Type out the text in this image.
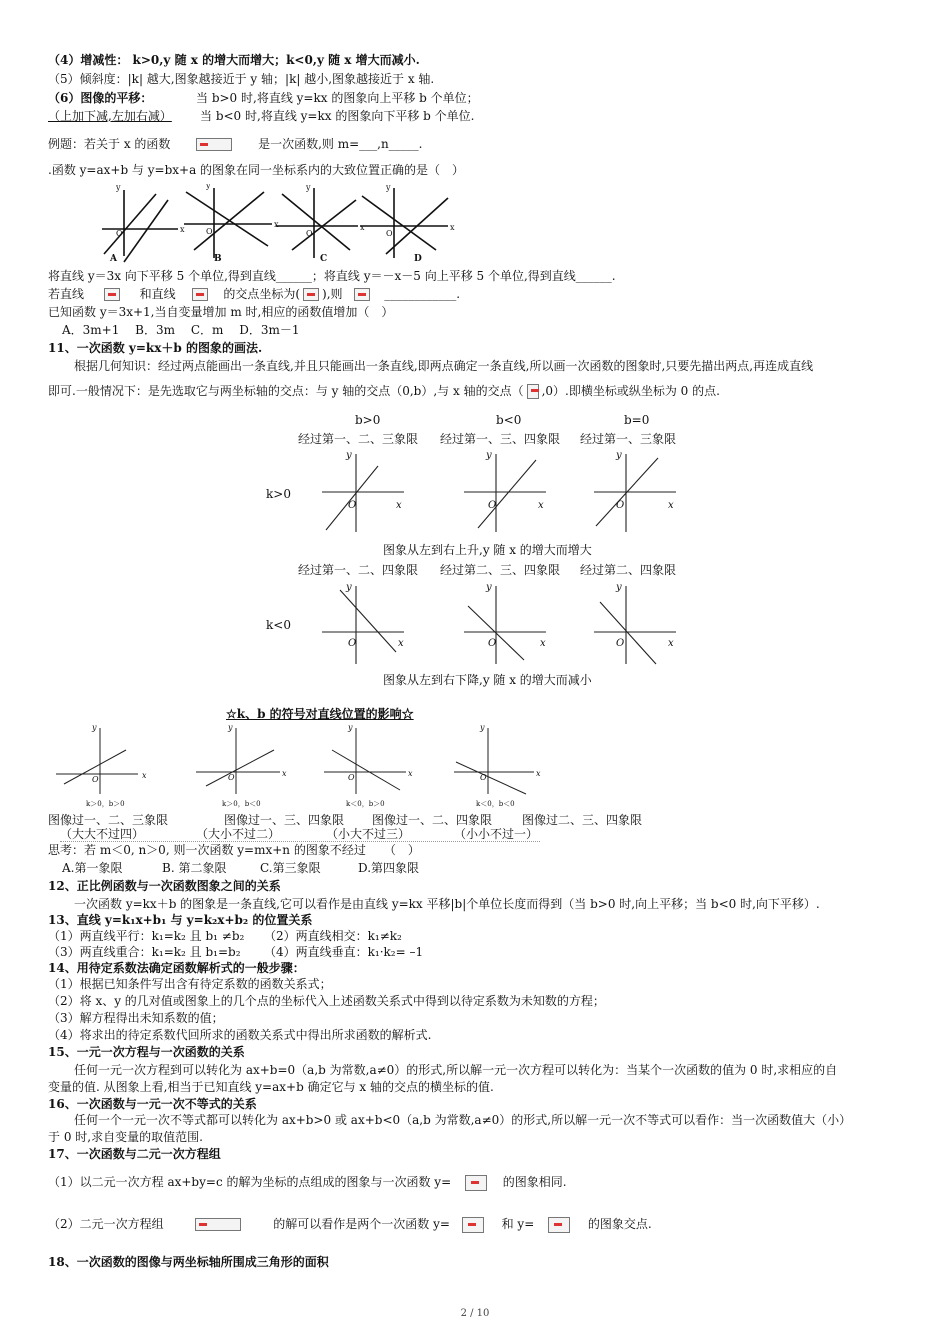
（4）增减性： k>0,y 随 x 的增大而增大；k<0,y 随 x 增大而减小.
（5）倾斜度：|k| 越大,图象越接近于 y 轴；|k| 越小,图象越接近于 x 轴.
（6）图像的平移：	当 b>0 时,将直线 y=kx 的图象向上平移 b 个单位；
（上加下减,左加右减） 当 b<0 时,将直线 y=kx 的图象向下平移 b 个单位.
例题：若关于 x 的函数	是一次函数,则 m=___,n_____.
.函数 y=ax+b 与 y=bx+a 的图象在同一坐标系内的大致位置正确的是（　）
y
x
O
y
x
O
y
x
O
y
x
O
A	B	C	D
将直线 y＝3x 向下平移 5 个单位,得到直线______；将直线 y＝－x－5 向上平移 5 个单位,得到直线______.
若直线	和直线	的交点坐标为( ),则	____________.
已知函数 y＝3x+1,当自变量增加 m 时,相应的函数值增加（　）
A．3m+1　 B．3m　 C．m　 D．3m－1
11、一次函数 y=kx＋b 的图象的画法.
根据几何知识：经过两点能画出一条直线,并且只能画出一条直线,即两点确定一条直线,所以画一次函数的图象时,只要先描出两点,再连成直线
即可.一般情况下：是先选取它与两坐标轴的交点：与 y 轴的交点（0,b）,与 x 轴的交点（ ,0）.即横坐标或纵坐标为 0 的点.
b>0	b<0	b=0
经过第一、二、三象限 经过第一、三、四象限 经过第一、三象限
k>0
y
x
O
y
x
O
y
x
O
图象从左到右上升,y 随 x 的增大而增大
经过第一、二、四象限 经过第二、三、四象限 经过第二、四象限
k<0
y
x
O
y
x
O
y
x
O
图象从左到右下降,y 随 x 的增大而减小
☆k、b 的符号对直线位置的影响☆
y
x
O
y
x
O
y
x
O
y
x
O
k＞0，b＞0	k＞0，b＜0	k＜0，b＞0	k＜0，b＜0
图像过一、二、三象限	图像过一、三、四象限 图像过一、二、四象限 图像过二、三、四象限
（大大不过四）	（大小不过二）	（小大不过三）	（小小不过一）
思考：若 m＜0, n＞0, 则一次函数 y=mx+n 的图象不经过　　（　）
A.第一象限	B. 第二象限	C.第三象限	D.第四象限
12、正比例函数与一次函数图象之间的关系
一次函数 y=kx＋b 的图象是一条直线,它可以看作是由直线 y=kx 平移|b|个单位长度而得到（当 b>0 时,向上平移；当 b<0 时,向下平移）.
13、直线 y=k₁x+b₁ 与 y=k₂x+b₂ 的位置关系
（1）两直线平行：k₁=k₂ 且 b₁ ≠b₂ （2）两直线相交：k₁≠k₂
（3）两直线重合：k₁=k₂ 且 b₁=b₂ （4）两直线垂直：k₁·k₂= –1
14、用待定系数法确定函数解析式的一般步骤：
（1）根据已知条件写出含有待定系数的函数关系式；
（2）将 x、y 的几对值或图象上的几个点的坐标代入上述函数关系式中得到以待定系数为未知数的方程；
（3）解方程得出未知系数的值；
（4）将求出的待定系数代回所求的函数关系式中得出所求函数的解析式.
15、一元一次方程与一次函数的关系
任何一元一次方程到可以转化为 ax+b=0（a,b 为常数,a≠0）的形式,所以解一元一次方程可以转化为：当某个一次函数的值为 0 时,求相应的自
变量的值. 从图象上看,相当于已知直线 y=ax+b 确定它与 x 轴的交点的横坐标的值.
16、一次函数与一元一次不等式的关系
任何一个一元一次不等式都可以转化为 ax+b>0 或 ax+b<0（a,b 为常数,a≠0）的形式,所以解一元一次不等式可以看作：当一次函数值大（小）
于 0 时,求自变量的取值范围.
17、一次函数与二元一次方程组
（1）以二元一次方程 ax+by=c 的解为坐标的点组成的图象与一次函数 y=	的图象相同.
（2）二元一次方程组	的解可以看作是两个一次函数 y=	和 y=	的图象交点.
18、一次函数的图像与两坐标轴所围成三角形的面积
2 / 10
